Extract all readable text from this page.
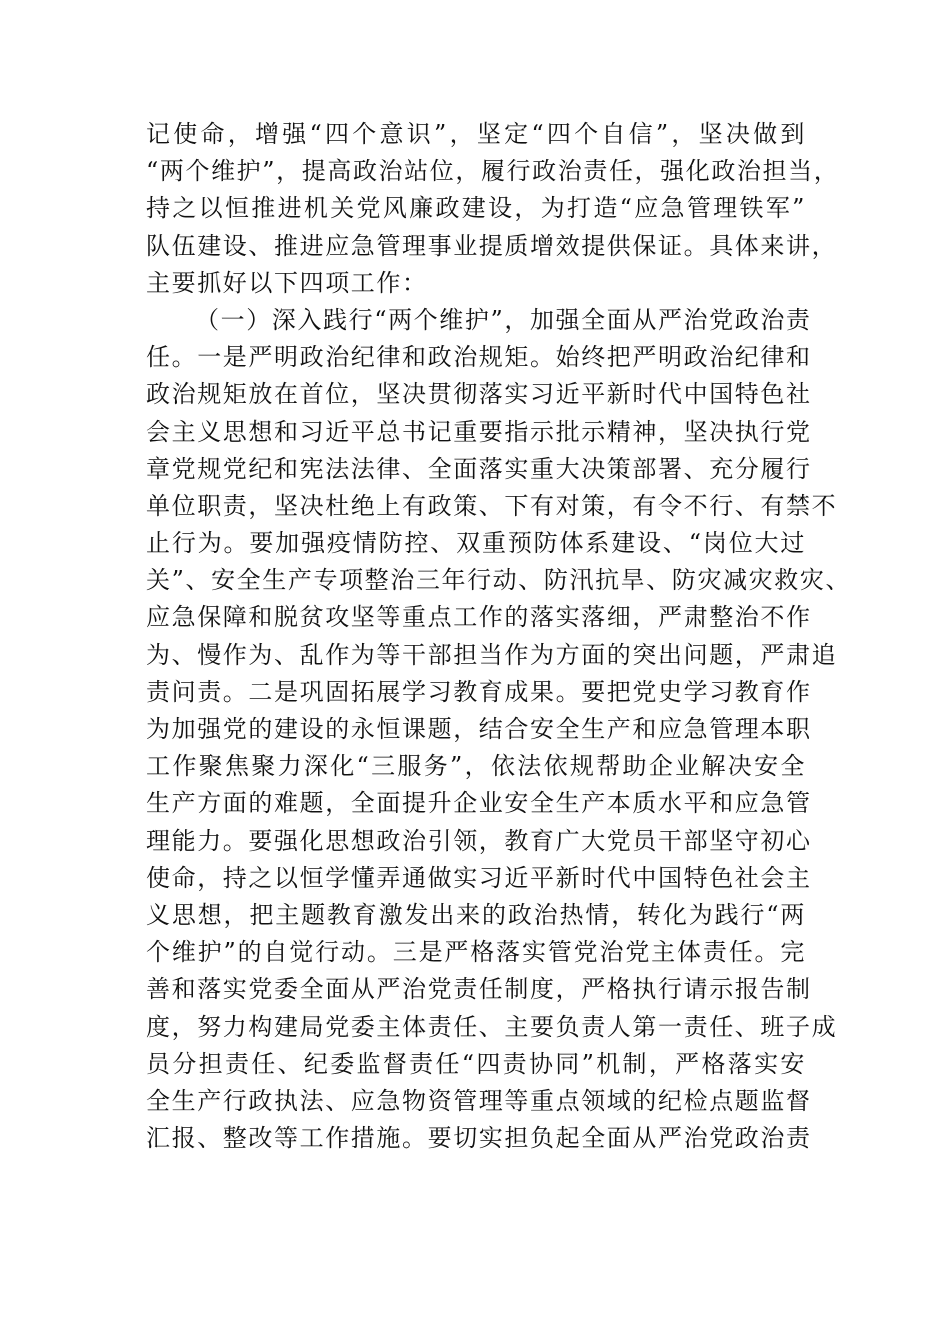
记使命，增强“四个意识”，坚定“四个自信”，坚决做到
“两个维护”，提高政治站位，履行政治责任，强化政治担当，
持之以恒推进机关党风廉政建设，为打造“应急管理铁军”
队伍建设、推进应急管理事业提质增效提供保证。具体来讲，
主要抓好以下四项工作：
（一）深入践行“两个维护”，加强全面从严治党政治责
任。一是严明政治纪律和政治规矩。始终把严明政治纪律和
政治规矩放在首位，坚决贯彻落实习近平新时代中国特色社
会主义思想和习近平总书记重要指示批示精神，坚决执行党
章党规党纪和宪法法律、全面落实重大决策部署、充分履行
单位职责，坚决杜绝上有政策、下有对策，有令不行、有禁不
止行为。要加强疫情防控、双重预防体系建设、“岗位大过
关”、安全生产专项整治三年行动、防汛抗旱、防灾减灾救灾、
应急保障和脱贫攻坚等重点工作的落实落细，严肃整治不作
为、慢作为、乱作为等干部担当作为方面的突出问题，严肃追
责问责。二是巩固拓展学习教育成果。要把党史学习教育作
为加强党的建设的永恒课题，结合安全生产和应急管理本职
工作聚焦聚力深化“三服务”，依法依规帮助企业解决安全
生产方面的难题，全面提升企业安全生产本质水平和应急管
理能力。要强化思想政治引领，教育广大党员干部坚守初心
使命，持之以恒学懂弄通做实习近平新时代中国特色社会主
义思想，把主题教育激发出来的政治热情，转化为践行“两
个维护”的自觉行动。三是严格落实管党治党主体责任。完
善和落实党委全面从严治党责任制度，严格执行请示报告制
度，努力构建局党委主体责任、主要负责人第一责任、班子成
员分担责任、纪委监督责任“四责协同”机制，严格落实安
全生产行政执法、应急物资管理等重点领域的纪检点题监督
汇报、整改等工作措施。要切实担负起全面从严治党政治责
